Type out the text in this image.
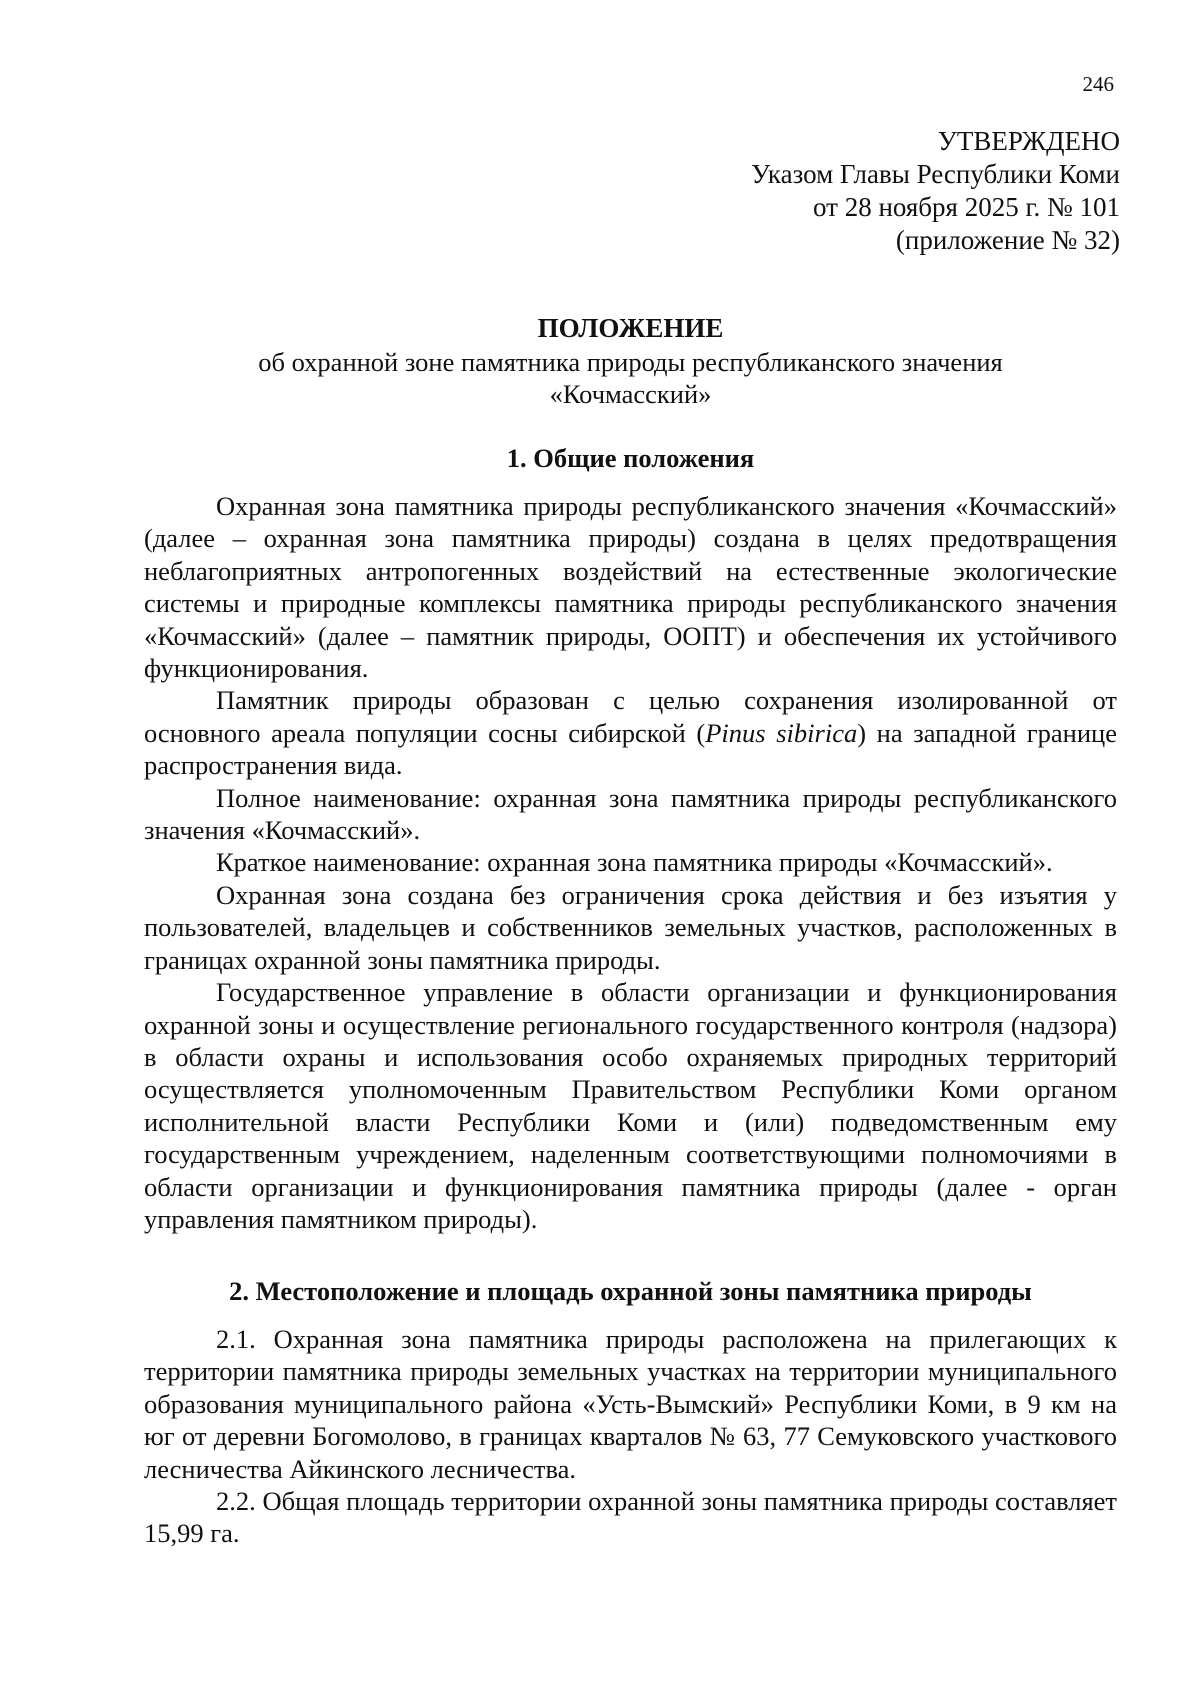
246
УТВЕРЖДЕНО
Указом Главы Республики Коми
от 28 ноября 2025 г. № 101
(приложение № 32)
ПОЛОЖЕНИЕ
об охранной зоне памятника природы республиканского значения
«Кочмасский»
1. Общие положения

Охранная зона памятника природы республиканского значения «Кочмасский» (далее – охранная зона памятника природы) создана в целях предотвращения неблагоприятных антропогенных воздействий на естественные экологические системы и природные комплексы памятника природы республиканского значения «Кочмасский» (далее – памятник природы, ООПТ) и обеспечения их устойчивого функционирования.

Памятник природы образован с целью сохранения изолированной от основного ареала популяции сосны сибирской (Pinus sibirica) на западной границе распространения вида.

Полное наименование: охранная зона памятника природы республиканского значения «Кочмасский».

Краткое наименование: охранная зона памятника природы «Кочмасский».

Охранная зона создана без ограничения срока действия и без изъятия у пользователей, владельцев и собственников земельных участков, расположенных в границах охранной зоны памятника природы.

Государственное управление в области организации и функционирования охранной зоны и осуществление регионального государственного контроля (надзора) в области охраны и использования особо охраняемых природных территорий осуществляется уполномоченным Правительством Республики Коми органом исполнительной власти Республики Коми и (или) подведомственным ему государственным учреждением, наделенным соответствующими полномочиями в области организации и функционирования памятника природы (далее - орган управления памятником природы).

2. Местоположение и площадь охранной зоны памятника природы

2.1. Охранная зона памятника природы расположена на прилегающих к территории памятника природы земельных участках на территории муниципального образования муниципального района «Усть-Вымский» Республики Коми, в 9 км на юг от деревни Богомолово, в границах кварталов № 63, 77 Семуковского участкового лесничества Айкинского лесничества.

2.2. Общая площадь территории охранной зоны памятника природы составляет 15,99 га.
